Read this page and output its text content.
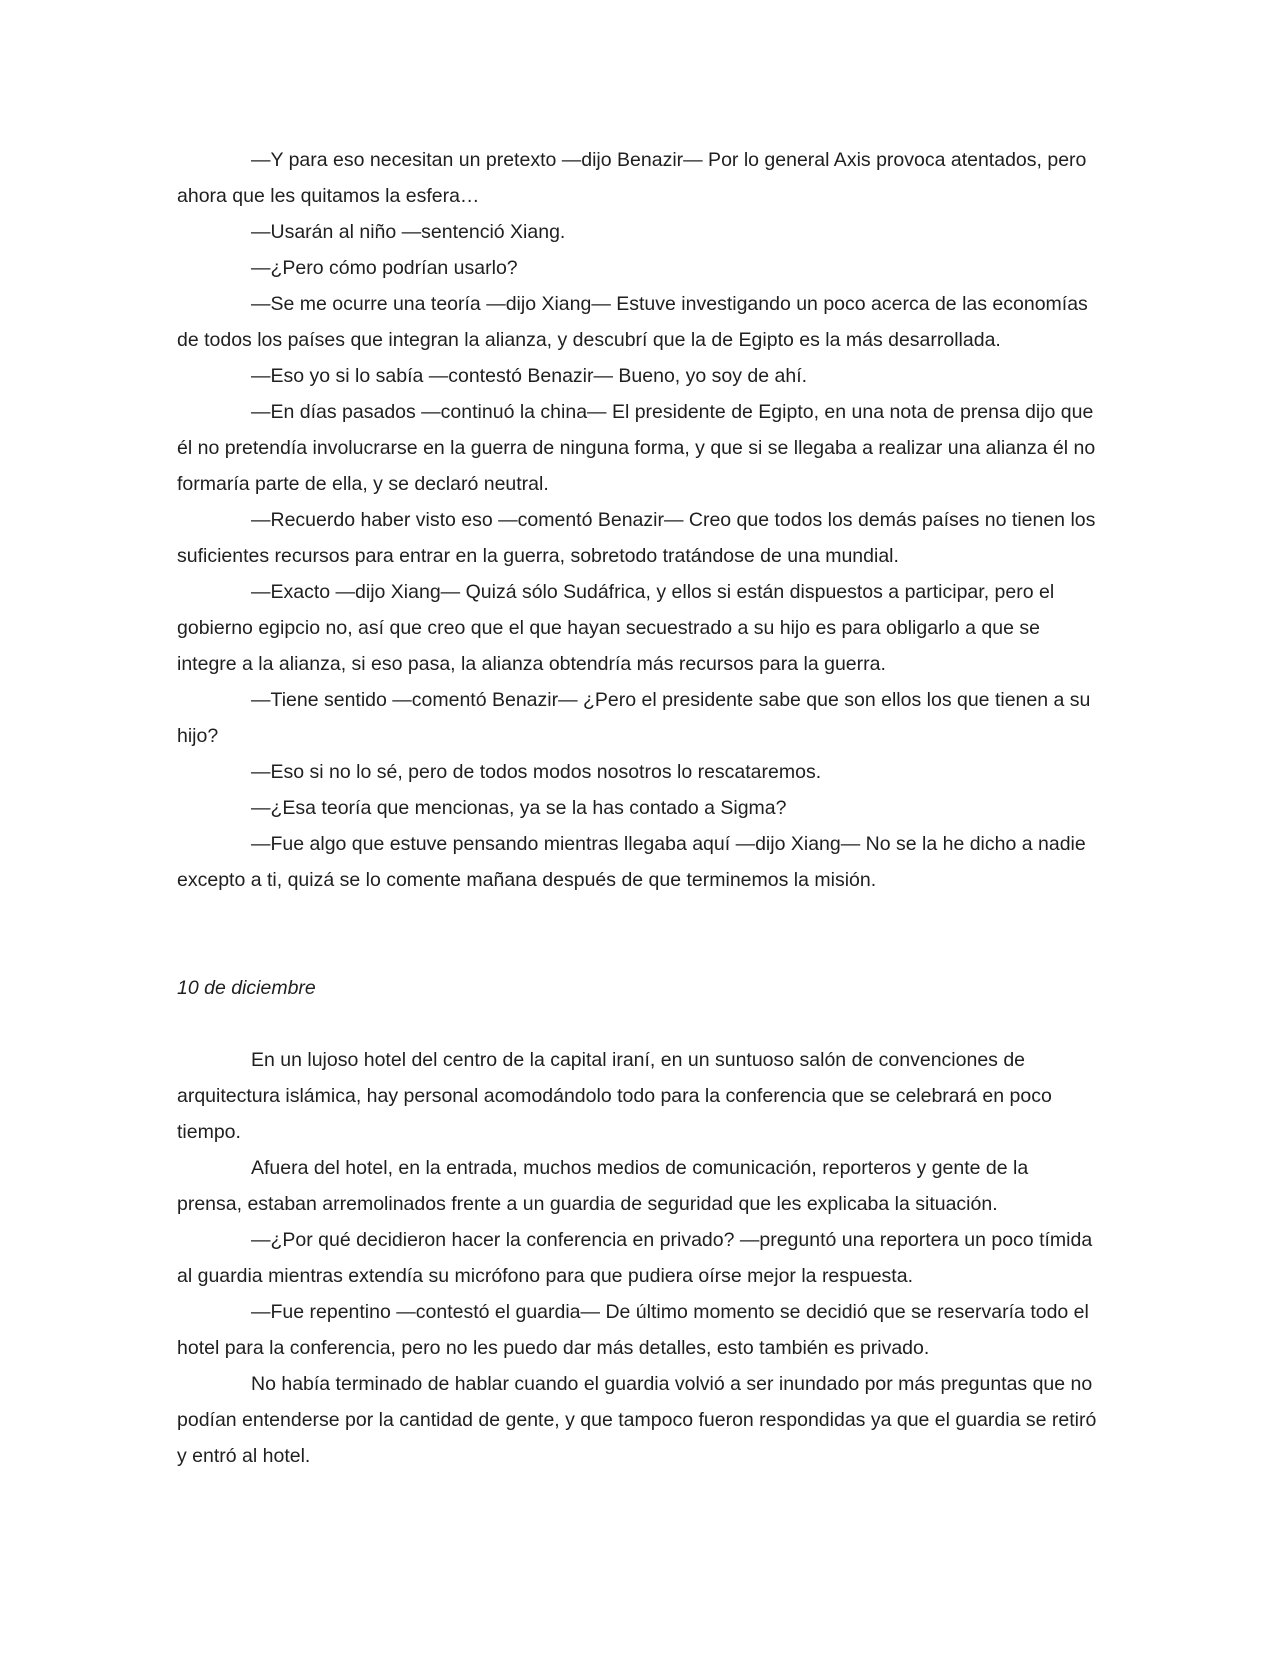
—Y para eso necesitan un pretexto —dijo Benazir— Por lo general Axis provoca atentados, pero ahora que les quitamos la esfera…

—Usarán al niño —sentenció Xiang.

—¿Pero cómo podrían usarlo?

—Se me ocurre una teoría —dijo Xiang— Estuve investigando un poco acerca de las economías de todos los países que integran la alianza, y descubrí que la de Egipto es la más desarrollada.

—Eso yo si lo sabía —contestó Benazir— Bueno, yo soy de ahí.

—En días pasados —continuó la china— El presidente de Egipto, en una nota de prensa dijo que él no pretendía involucrarse en la guerra de ninguna forma, y que si se llegaba a realizar una alianza él no formaría parte de ella, y se declaró neutral.

—Recuerdo haber visto eso —comentó Benazir— Creo que todos los demás países no tienen los suficientes recursos para entrar en la guerra, sobretodo tratándose de una mundial.

—Exacto —dijo Xiang— Quizá sólo Sudáfrica, y ellos si están dispuestos a participar, pero el gobierno egipcio no, así que creo que el que hayan secuestrado a su hijo es para obligarlo a que se integre a la alianza, si eso pasa, la alianza obtendría más recursos para la guerra.

—Tiene sentido —comentó Benazir— ¿Pero el presidente sabe que son ellos los que tienen a su hijo?

—Eso si no lo sé, pero de todos modos nosotros lo rescataremos.

—¿Esa teoría que mencionas, ya se la has contado a Sigma?

—Fue algo que estuve pensando mientras llegaba aquí —dijo Xiang— No se la he dicho a nadie excepto a ti, quizá se lo comente mañana después de que terminemos la misión.

10 de diciembre

En un lujoso hotel del centro de la capital iraní, en un suntuoso salón de convenciones de arquitectura islámica, hay personal acomodándolo todo para la conferencia que se celebrará en poco tiempo.

Afuera del hotel, en la entrada, muchos medios de comunicación, reporteros y gente de la prensa, estaban arremolinados frente a un guardia de seguridad que les explicaba la situación.

—¿Por qué decidieron hacer la conferencia en privado? —preguntó una reportera un poco tímida al guardia mientras extendía su micrófono para que pudiera oírse mejor la respuesta.

—Fue repentino —contestó el guardia— De último momento se decidió que se reservaría todo el hotel para la conferencia, pero no les puedo dar más detalles, esto también es privado.

No había terminado de hablar cuando el guardia volvió a ser inundado por más preguntas que no podían entenderse por la cantidad de gente, y que tampoco fueron respondidas ya que el guardia se retiró y entró al hotel.
